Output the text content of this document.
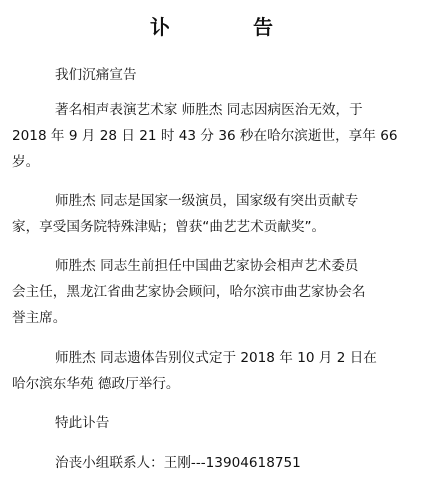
讣 告
我们沉痛宣告
著名相声表演艺术家 师胜杰 同志因病医治无效，于
2018 年 9 月 28 日 21 时 43 分 36 秒在哈尔滨逝世，享年 66
岁。
师胜杰 同志是国家一级演员，国家级有突出贡献专
家，享受国务院特殊津贴；曾获“曲艺艺术贡献奖”。
师胜杰 同志生前担任中国曲艺家协会相声艺术委员
会主任，黑龙江省曲艺家协会顾问，哈尔滨市曲艺家协会名
誉主席。
师胜杰 同志遗体告别仪式定于 2018 年 10 月 2 日在
哈尔滨东华苑 德政厅举行。
特此讣告
治丧小组联系人：王刚---13904618751
